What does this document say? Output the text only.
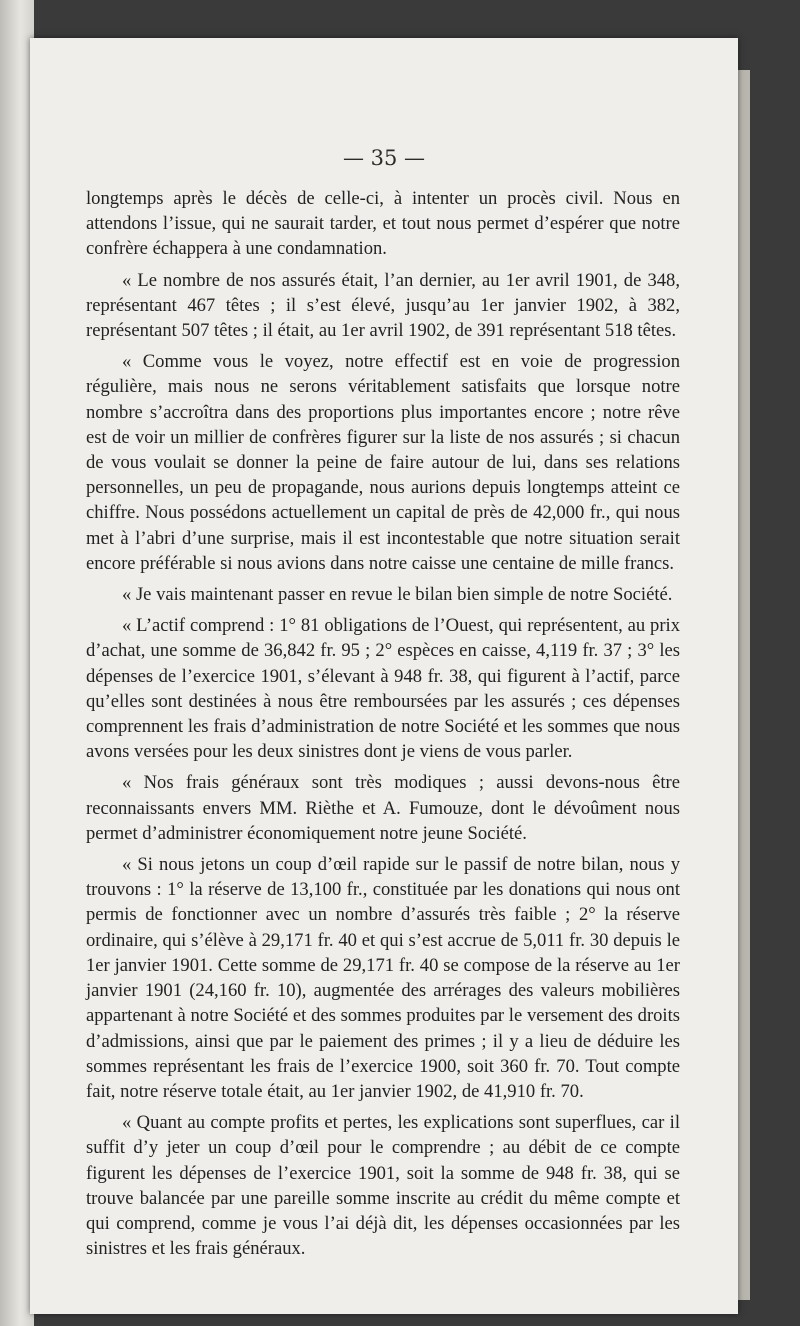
— 35 —

longtemps après le décès de celle-ci, à intenter un procès civil. Nous en attendons l’issue, qui ne saurait tarder, et tout nous permet d’espérer que notre confrère échappera à une condamnation.

« Le nombre de nos assurés était, l’an dernier, au 1er avril 1901, de 348, représentant 467 têtes ; il s’est élevé, jusqu’au 1er janvier 1902, à 382, représentant 507 têtes ; il était, au 1er avril 1902, de 391 représentant 518 têtes.

« Comme vous le voyez, notre effectif est en voie de progression régulière, mais nous ne serons véritablement satisfaits que lorsque notre nombre s’accroîtra dans des proportions plus importantes encore ; notre rêve est de voir un millier de confrères figurer sur la liste de nos assurés ; si chacun de vous voulait se donner la peine de faire autour de lui, dans ses relations personnelles, un peu de propagande, nous aurions depuis longtemps atteint ce chiffre. Nous possédons actuellement un capital de près de 42,000 fr., qui nous met à l’abri d’une surprise, mais il est incontestable que notre situation serait encore préférable si nous avions dans notre caisse une centaine de mille francs.

« Je vais maintenant passer en revue le bilan bien simple de notre Société.

« L’actif comprend : 1° 81 obligations de l’Ouest, qui représentent, au prix d’achat, une somme de 36,842 fr. 95 ; 2° espèces en caisse, 4,119 fr. 37 ; 3° les dépenses de l’exercice 1901, s’élevant à 948 fr. 38, qui figurent à l’actif, parce qu’elles sont destinées à nous être remboursées par les assurés ; ces dépenses comprennent les frais d’administration de notre Société et les sommes que nous avons versées pour les deux sinistres dont je viens de vous parler.

« Nos frais généraux sont très modiques ; aussi devons-nous être reconnaissants envers MM. Rièthe et A. Fumouze, dont le dévoûment nous permet d’administrer économiquement notre jeune Société.

« Si nous jetons un coup d’œil rapide sur le passif de notre bilan, nous y trouvons : 1° la réserve de 13,100 fr., constituée par les donations qui nous ont permis de fonctionner avec un nombre d’assurés très faible ; 2° la réserve ordinaire, qui s’élève à 29,171 fr. 40 et qui s’est accrue de 5,011 fr. 30 depuis le 1er janvier 1901. Cette somme de 29,171 fr. 40 se compose de la réserve au 1er janvier 1901 (24,160 fr. 10), augmentée des arrérages des valeurs mobilières appartenant à notre Société et des sommes produites par le versement des droits d’admissions, ainsi que par le paiement des primes ; il y a lieu de déduire les sommes représentant les frais de l’exercice 1900, soit 360 fr. 70. Tout compte fait, notre réserve totale était, au 1er janvier 1902, de 41,910 fr. 70.

« Quant au compte profits et pertes, les explications sont superflues, car il suffit d’y jeter un coup d’œil pour le comprendre ; au débit de ce compte figurent les dépenses de l’exercice 1901, soit la somme de 948 fr. 38, qui se trouve balancée par une pareille somme inscrite au crédit du même compte et qui comprend, comme je vous l’ai déjà dit, les dépenses occasionnées par les sinistres et les frais généraux.
